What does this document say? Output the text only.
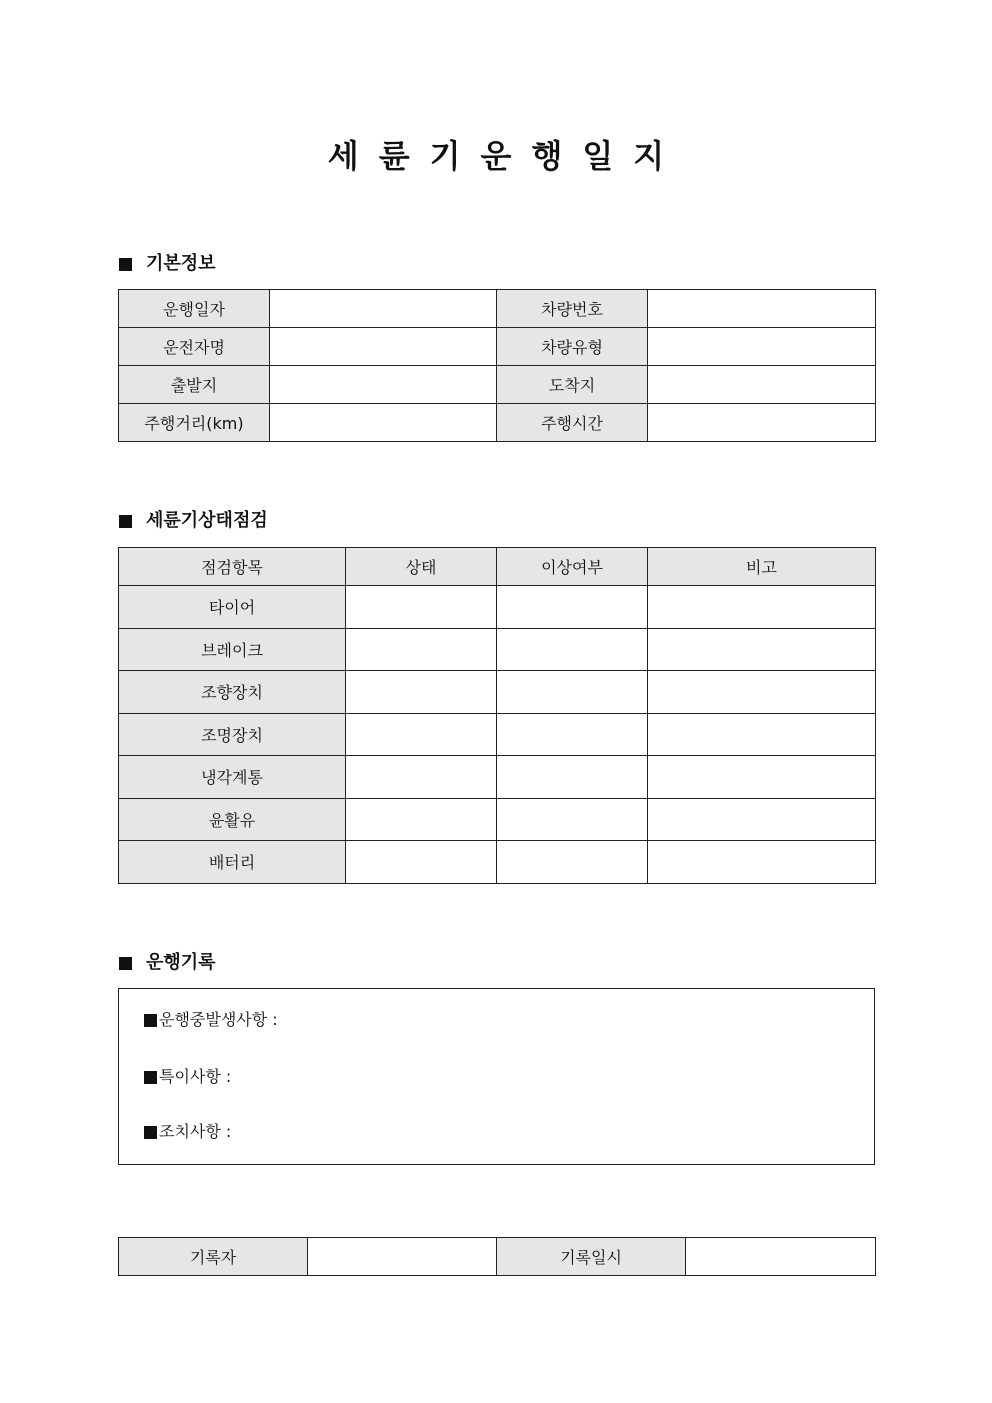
세륜기운행일지
기본정보
운행일자		차량번호	
운전자명		차량유형	
출발지		도착지	
주행거리(km)		주행시간	
세륜기상태점검
점검항목	상태	이상여부	비고
타이어			
브레이크			
조향장치			
조명장치			
냉각계통			
윤활유			
배터리			
운행기록
운행중발생사항 :
특이사항 :
조치사항 :
기록자		기록일시	
